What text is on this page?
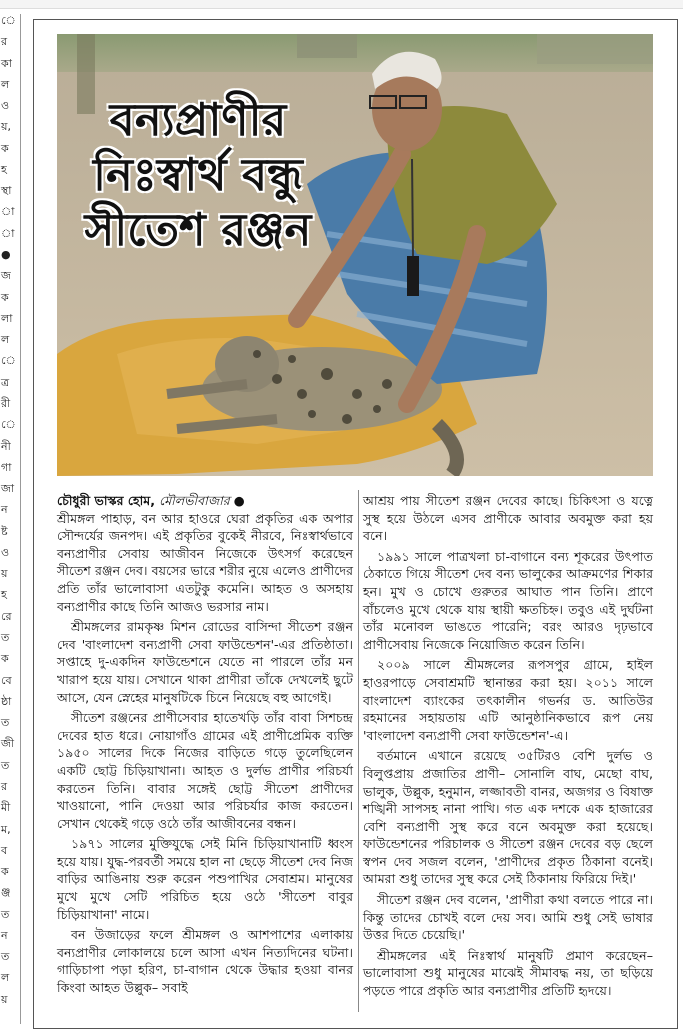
ে
র
কা
ল
ও
য়,
ক
হ
স্থা
া
া
●
জ
ক
লা
ল
ে
ত্র
রী
ে
নী
গা
জা
ন
ষ্ট
ও
য়
হ
রে
ত
ক
বে
ষ্ঠা
ত
জী
ত
র
মী
ম,
ব
ক
ঞ্জ
ত
ন
ত
ল
য়
বন্যপ্রাণীর
নিঃস্বার্থ বন্ধু
সীতেশ রঞ্জন
চৌধুরী ভাস্কর হোম, মৌলভীবাজার ●

শ্রীমঙ্গল পাহাড়, বন আর হাওরে ঘেরা প্রকৃতির এক অপার সৌন্দর্যের জনপদ। এই প্রকৃতির বুকেই নীরবে, নিঃস্বার্থভাবে বন্যপ্রাণীর সেবায় আজীবন নিজেকে উৎসর্গ করেছেন সীতেশ রঞ্জন দেব। বয়সের ভারে শরীর নুয়ে এলেও প্রাণীদের প্রতি তাঁর ভালোবাসা এতটুকু কমেনি। আহত ও অসহায় বন্যপ্রাণীর কাছে তিনি আজও ভরসার নাম।

শ্রীমঙ্গলের রামকৃষ্ণ মিশন রোডের বাসিন্দা সীতেশ রঞ্জন দেব 'বাংলাদেশ বন্যপ্রাণী সেবা ফাউন্ডেশন'-এর প্রতিষ্ঠাতা। সপ্তাহে দু-একদিন ফাউন্ডেশনে যেতে না পারলে তাঁর মন খারাপ হয়ে যায়। সেখানে থাকা প্রাণীরা তাঁকে দেখলেই ছুটে আসে, যেন স্নেহের মানুষটিকে চিনে নিয়েছে বহু আগেই।

সীতেশ রঞ্জনের প্রাণীসেবার হাতেখড়ি তাঁর বাবা সিশচন্দ্র দেবের হাত ধরে। নোয়াগাঁও গ্রামের এই প্রাণীপ্রেমিক ব্যক্তি ১৯৫০ সালের দিকে নিজের বাড়িতে গড়ে তুলেছিলেন একটি ছোট্ট চিড়িয়াখানা। আহত ও দুর্লভ প্রাণীর পরিচর্যা করতেন তিনি। বাবার সঙ্গেই ছোট্ট সীতেশ প্রাণীদের খাওয়ানো, পানি দেওয়া আর পরিচর্যার কাজ করতেন। সেখান থেকেই গড়ে ওঠে তাঁর আজীবনের বন্ধন।

১৯৭১ সালের মুক্তিযুদ্ধে সেই মিনি চিড়িয়াখানাটি ধ্বংস হয়ে যায়। যুদ্ধ-পরবর্তী সময়ে হাল না ছেড়ে সীতেশ দেব নিজ বাড়ির আঙিনায় শুরু করেন পশুপাখির সেবাশ্রম। মানুষের মুখে মুখে সেটি পরিচিত হয়ে ওঠে 'সীতেশ বাবুর চিড়িয়াখানা' নামে।

বন উজাড়ের ফলে শ্রীমঙ্গল ও আশপাশের এলাকায় বন্যপ্রাণীর লোকালয়ে চলে আসা এখন নিত্যদিনের ঘটনা। গাড়িচাপা পড়া হরিণ, চা-বাগান থেকে উদ্ধার হওয়া বানর কিংবা আহত উল্লুক– সবাই

আশ্রয় পায় সীতেশ রঞ্জন দেবের কাছে। চিকিৎসা ও যত্নে সুস্থ হয়ে উঠলে এসব প্রাণীকে আবার অবমুক্ত করা হয় বনে।

১৯৯১ সালে পাত্রখলা চা-বাগানে বন্য শূকরের উৎপাত ঠেকাতে গিয়ে সীতেশ দেব বন্য ভালুকের আক্রমণের শিকার হন। মুখ ও চোখে গুরুতর আঘাত পান তিনি। প্রাণে বাঁচলেও মুখে থেকে যায় স্থায়ী ক্ষতচিহ্ন। তবুও এই দুর্ঘটনা তাঁর মনোবল ভাঙতে পারেনি; বরং আরও দৃঢ়ভাবে প্রাণীসেবায় নিজেকে নিয়োজিত করেন তিনি।

২০০৯ সালে শ্রীমঙ্গলের রূপসপুর গ্রামে, হাইল হাওরপাড়ে সেবাশ্রমটি স্থানান্তর করা হয়। ২০১১ সালে বাংলাদেশ ব্যাংকের তৎকালীন গভর্নর ড. আতিউর রহমানের সহায়তায় এটি আনুষ্ঠানিকভাবে রূপ নেয় 'বাংলাদেশ বন্যপ্রাণী সেবা ফাউন্ডেশন'-এ।

বর্তমানে এখানে রয়েছে ৩৫টিরও বেশি দুর্লভ ও বিলুপ্তপ্রায় প্রজাতির প্রাণী– সোনালি বাঘ, মেছো বাঘ, ভালুক, উল্লুক, হনুমান, লজ্জাবতী বানর, অজগর ও বিষাক্ত শঙ্খিনী সাপসহ নানা পাখি। গত এক দশকে এক হাজারের বেশি বন্যপ্রাণী সুস্থ করে বনে অবমুক্ত করা হয়েছে। ফাউন্ডেশনের পরিচালক ও সীতেশ রঞ্জন দেবের বড় ছেলে স্বপন দেব সজল বলেন, 'প্রাণীদের প্রকৃত ঠিকানা বনেই। আমরা শুধু তাদের সুস্থ করে সেই ঠিকানায় ফিরিয়ে দিই।'

সীতেশ রঞ্জন দেব বলেন, 'প্রাণীরা কথা বলতে পারে না। কিন্তু তাদের চোখই বলে দেয় সব। আমি শুধু সেই ভাষার উত্তর দিতে চেয়েছি।'

শ্রীমঙ্গলের এই নিঃস্বার্থ মানুষটি প্রমাণ করেছেন– ভালোবাসা শুধু মানুষের মাঝেই সীমাবদ্ধ নয়, তা ছড়িয়ে পড়তে পারে প্রকৃতি আর বন্যপ্রাণীর প্রতিটি হৃদয়ে।
